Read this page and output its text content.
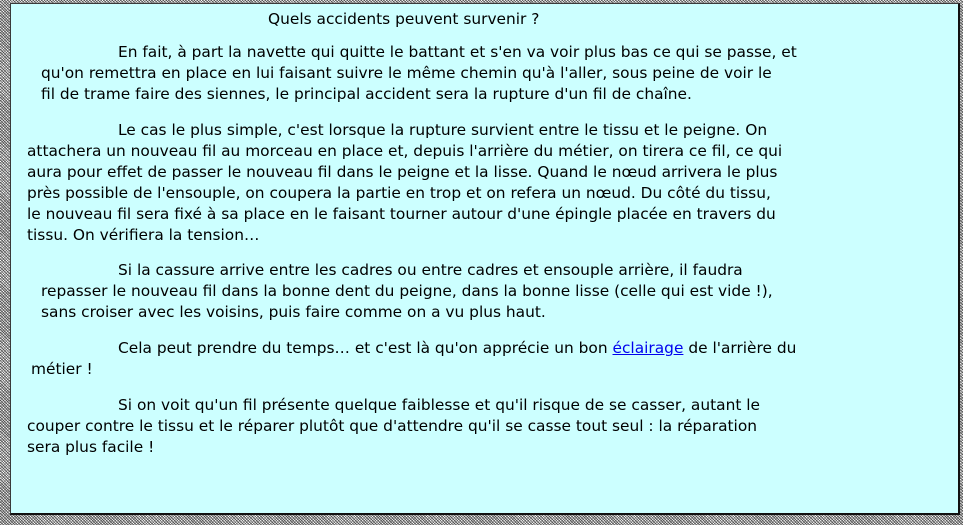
Quels accidents peuvent survenir ?

En fait, à part la navette qui quitte le battant et s'en va voir plus bas ce qui se passe, et
qu'on remettra en place en lui faisant suivre le même chemin qu'à l'aller, sous peine de voir le
fil de trame faire des siennes, le principal accident sera la rupture d'un fil de chaîne.
Le cas le plus simple, c'est lorsque la rupture survient entre le tissu et le peigne. On
attachera un nouveau fil au morceau en place et, depuis l'arrière du métier, on tirera ce fil, ce qui
aura pour effet de passer le nouveau fil dans le peigne et la lisse. Quand le nœud arrivera le plus
près possible de l'ensouple, on coupera la partie en trop et on refera un nœud. Du côté du tissu,
le nouveau fil sera fixé à sa place en le faisant tourner autour d'une épingle placée en travers du
tissu. On vérifiera la tension…
Si la cassure arrive entre les cadres ou entre cadres et ensouple arrière, il faudra
repasser le nouveau fil dans la bonne dent du peigne, dans la bonne lisse (celle qui est vide !),
sans croiser avec les voisins, puis faire comme on a vu plus haut.
Cela peut prendre du temps… et c'est là qu'on apprécie un bon éclairage de l'arrière du
métier !
Si on voit qu'un fil présente quelque faiblesse et qu'il risque de se casser, autant le
couper contre le tissu et le réparer plutôt que d'attendre qu'il se casse tout seul : la réparation
sera plus facile !
